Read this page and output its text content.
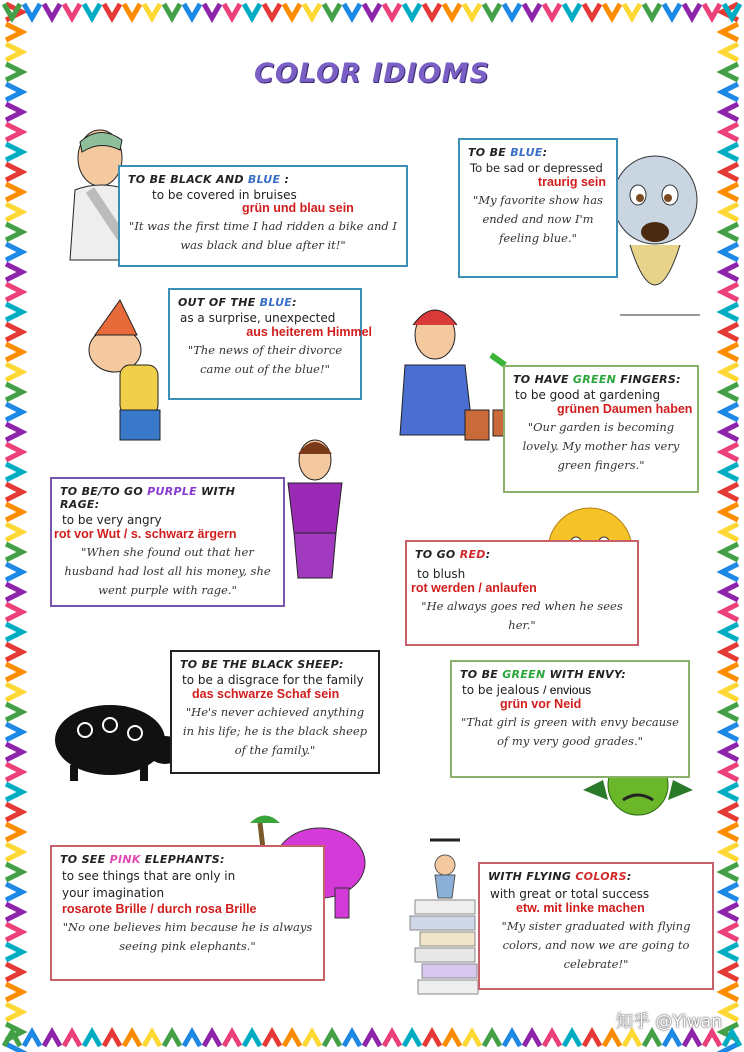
COLOR IDIOMS
TO BE BLACK AND BLUE :
to be covered in bruises
grün und blau sein
"It was the first time I had ridden a bike and I was black and blue after it!"
TO BE BLUE:
To be sad or depressed
traurig sein
"My favorite show has ended and now I'm feeling blue."
OUT OF THE BLUE:
as a surprise, unexpected
aus heiterem Himmel
"The news of their divorce came out of the blue!"
TO HAVE GREEN FINGERS:
to be good at gardening
grünen Daumen haben
"Our garden is becoming lovely. My mother has very green fingers."
TO BE/TO GO PURPLE WITH RAGE:
to be very angry
rot vor Wut / s. schwarz ärgern
"When she found out that her husband had lost all his money, she went purple with rage."
TO GO RED:
to blush
rot werden / anlaufen
"He always goes red when he sees her."
TO BE THE BLACK SHEEP:
to be a disgrace for the family
das schwarze Schaf sein
"He's never achieved anything in his life; he is the black sheep of the family."
TO BE GREEN WITH ENVY:
to be jealous / envious
grün vor Neid
"That girl is green with envy because of my very good grades."
TO SEE PINK ELEPHANTS:
to see things that are only in your imagination
rosarote Brille / durch rosa Brille
"No one believes him because he is always seeing pink elephants."
WITH FLYING COLORS:
with great or total success
etw. mit linke machen
"My sister graduated with flying colors, and now we are going to celebrate!"
知乎 @Yiwan
